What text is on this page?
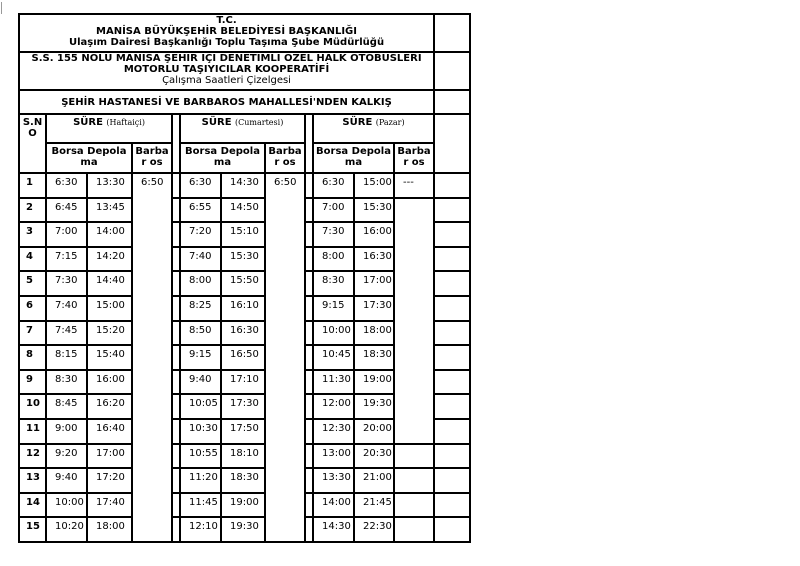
T.C.
MANİSA BÜYÜKŞEHİR BELEDİYESİ BAŞKANLIĞI
Ulaşım Dairesi Başkanlığı Toplu Taşıma Şube Müdürlüğü												

S.S. 155 NOLU MANİSA ŞEHİR İÇİ DENETİMLİ ÖZEL HALK OTOBÜSLERİ
MOTORLU TAŞIYICILAR KOOPERATİFİ
Çalışma Saatleri Çizelgesi												

ŞEHİR HASTANESİ VE BARBAROS MAHALLESİ'NDEN KALKIŞ												
S.N O	SÜRE (Haftaiçi)				SÜRE (Cumartesi)				SÜRE (Pazar)			
	Borsa Depolama		Barbar os		Borsa Depolama		Barbar os		Borsa Depolama		Barbar os	
1	6:30	13:30	6:50		6:30	14:30	6:50		6:30	15:00	---	
2	6:45	13:45			6:55	14:50			7:00	15:30		
3	7:00	14:00			7:20	15:10			7:30	16:00		
4	7:15	14:20			7:40	15:30			8:00	16:30		
5	7:30	14:40			8:00	15:50			8:30	17:00		
6	7:40	15:00			8:25	16:10			9:15	17:30		
7	7:45	15:20			8:50	16:30			10:00	18:00		
8	8:15	15:40			9:15	16:50			10:45	18:30		
9	8:30	16:00			9:40	17:10			11:30	19:00		
10	8:45	16:20			10:05	17:30			12:00	19:30		
11	9:00	16:40			10:30	17:50			12:30	20:00		
12	9:20	17:00			10:55	18:10			13:00	20:30		
13	9:40	17:20			11:20	18:30			13:30	21:00		
14	10:00	17:40			11:45	19:00			14:00	21:45		
15	10:20	18:00			12:10	19:30			14:30	22:30		
